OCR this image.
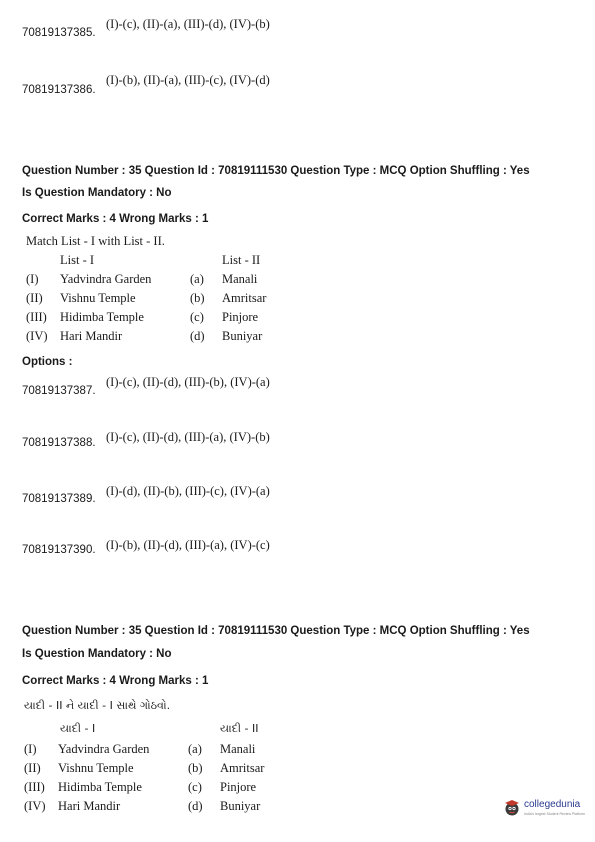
70819137385.
(I)-(c), (II)-(a), (III)-(d), (IV)-(b)
70819137386.
(I)-(b), (II)-(a), (III)-(c), (IV)-(d)
Question Number : 35 Question Id : 70819111530 Question Type : MCQ Option Shuffling : Yes
Is Question Mandatory : No
Correct Marks : 4 Wrong Marks : 1
Match List - I with List - II.
List - I	List - II
(I) Yadvindra Garden	(a) Manali
(II) Vishnu Temple	(b) Amritsar
(III) Hidimba Temple	(c) Pinjore
(IV) Hari Mandir	(d) Buniyar
Options :
70819137387.
(I)-(c), (II)-(d), (III)-(b), (IV)-(a)
70819137388. (I)-(c), (II)-(d), (III)-(a), (IV)-(b)
70819137389.
(I)-(d), (II)-(b), (III)-(c), (IV)-(a)
70819137390. (I)-(b), (II)-(d), (III)-(a), (IV)-(c)
Question Number : 35 Question Id : 70819111530 Question Type : MCQ Option Shuffling : Yes
Is Question Mandatory : No
Correct Marks : 4 Wrong Marks : 1
યાદી - II ને યાદી - I સાથે ગોઠવો.
યાદી - I	યાદી - II
(I) Yadvindra Garden	(a) Manali
(II) Vishnu Temple	(b) Amritsar
(III) Hidimba Temple	(c) Pinjore
(IV) Hari Mandir	(d) Buniyar	collegedunia
India's largest Student Review Platform
